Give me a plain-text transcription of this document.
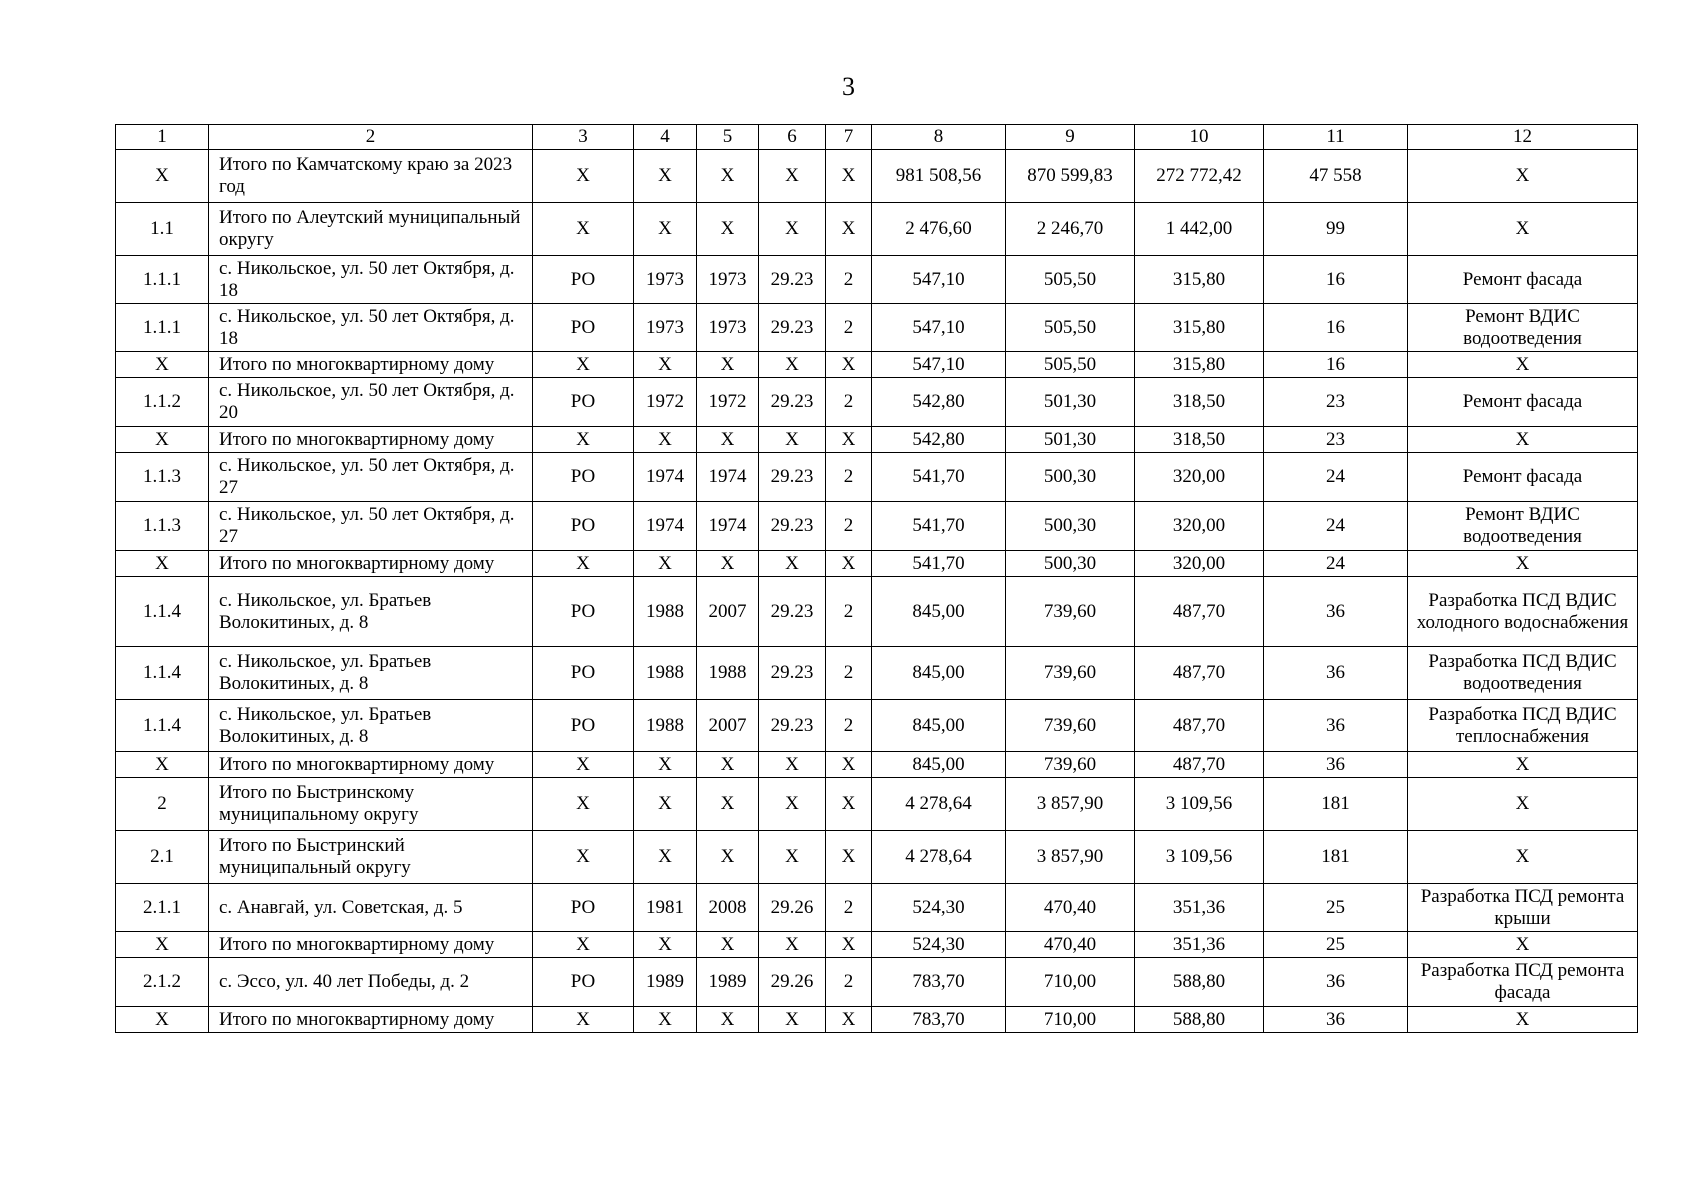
3
1	2	3	4	5	6	7	8	9	10	11	12
Х	Итого по Камчатскому краю за 2023 год	Х	Х	Х	Х	Х	981 508,56	870 599,83	272 772,42	47 558	Х
1.1	Итого по Алеутский муниципальный округу	Х	Х	Х	Х	Х	2 476,60	2 246,70	1 442,00	99	Х
1.1.1	с. Никольское, ул. 50 лет Октября, д. 18	РО	1973	1973	29.23	2	547,10	505,50	315,80	16	Ремонт фасада
1.1.1	с. Никольское, ул. 50 лет Октября, д. 18	РО	1973	1973	29.23	2	547,10	505,50	315,80	16	Ремонт ВДИС водоотведения
Х	Итого по многоквартирному дому	Х	Х	Х	Х	Х	547,10	505,50	315,80	16	Х
1.1.2	с. Никольское, ул. 50 лет Октября, д. 20	РО	1972	1972	29.23	2	542,80	501,30	318,50	23	Ремонт фасада
Х	Итого по многоквартирному дому	Х	Х	Х	Х	Х	542,80	501,30	318,50	23	Х
1.1.3	с. Никольское, ул. 50 лет Октября, д. 27	РО	1974	1974	29.23	2	541,70	500,30	320,00	24	Ремонт фасада
1.1.3	с. Никольское, ул. 50 лет Октября, д. 27	РО	1974	1974	29.23	2	541,70	500,30	320,00	24	Ремонт ВДИС водоотведения
Х	Итого по многоквартирному дому	Х	Х	Х	Х	Х	541,70	500,30	320,00	24	Х
1.1.4	с. Никольское, ул. Братьев Волокитиных, д. 8	РО	1988	2007	29.23	2	845,00	739,60	487,70	36	Разработка ПСД ВДИС холодного водоснабжения
1.1.4	с. Никольское, ул. Братьев Волокитиных, д. 8	РО	1988	1988	29.23	2	845,00	739,60	487,70	36	Разработка ПСД ВДИС водоотведения
1.1.4	с. Никольское, ул. Братьев Волокитиных, д. 8	РО	1988	2007	29.23	2	845,00	739,60	487,70	36	Разработка ПСД ВДИС теплоснабжения
Х	Итого по многоквартирному дому	Х	Х	Х	Х	Х	845,00	739,60	487,70	36	Х
2	Итого по Быстринскому муниципальному округу	Х	Х	Х	Х	Х	4 278,64	3 857,90	3 109,56	181	Х
2.1	Итого по Быстринский муниципальный округу	Х	Х	Х	Х	Х	4 278,64	3 857,90	3 109,56	181	Х
2.1.1	с. Анавгай, ул. Советская, д. 5	РО	1981	2008	29.26	2	524,30	470,40	351,36	25	Разработка ПСД ремонта крыши
Х	Итого по многоквартирному дому	Х	Х	Х	Х	Х	524,30	470,40	351,36	25	Х
2.1.2	с. Эссо, ул. 40 лет Победы, д. 2	РО	1989	1989	29.26	2	783,70	710,00	588,80	36	Разработка ПСД ремонта фасада
Х	Итого по многоквартирному дому	Х	Х	Х	Х	Х	783,70	710,00	588,80	36	Х
